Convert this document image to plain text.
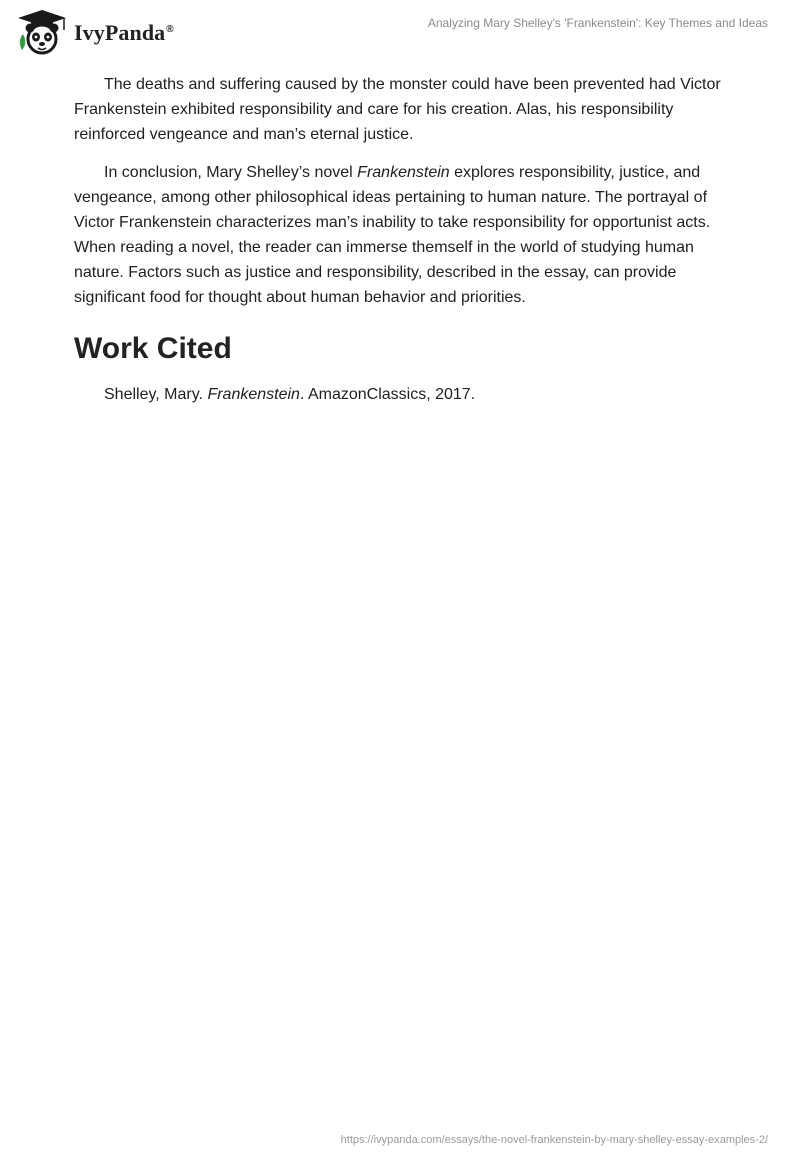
IvyPanda®	Analyzing Mary Shelley's 'Frankenstein': Key Themes and Ideas

The deaths and suffering caused by the monster could have been prevented had Victor Frankenstein exhibited responsibility and care for his creation. Alas, his responsibility reinforced vengeance and man’s eternal justice.

In conclusion, Mary Shelley’s novel Frankenstein explores responsibility, justice, and vengeance, among other philosophical ideas pertaining to human nature. The portrayal of Victor Frankenstein characterizes man’s inability to take responsibility for opportunist acts. When reading a novel, the reader can immerse themself in the world of studying human nature. Factors such as justice and responsibility, described in the essay, can provide significant food for thought about human behavior and priorities.

Work Cited

Shelley, Mary. Frankenstein. AmazonClassics, 2017.

https://ivypanda.com/essays/the-novel-frankenstein-by-mary-shelley-essay-examples-2/
